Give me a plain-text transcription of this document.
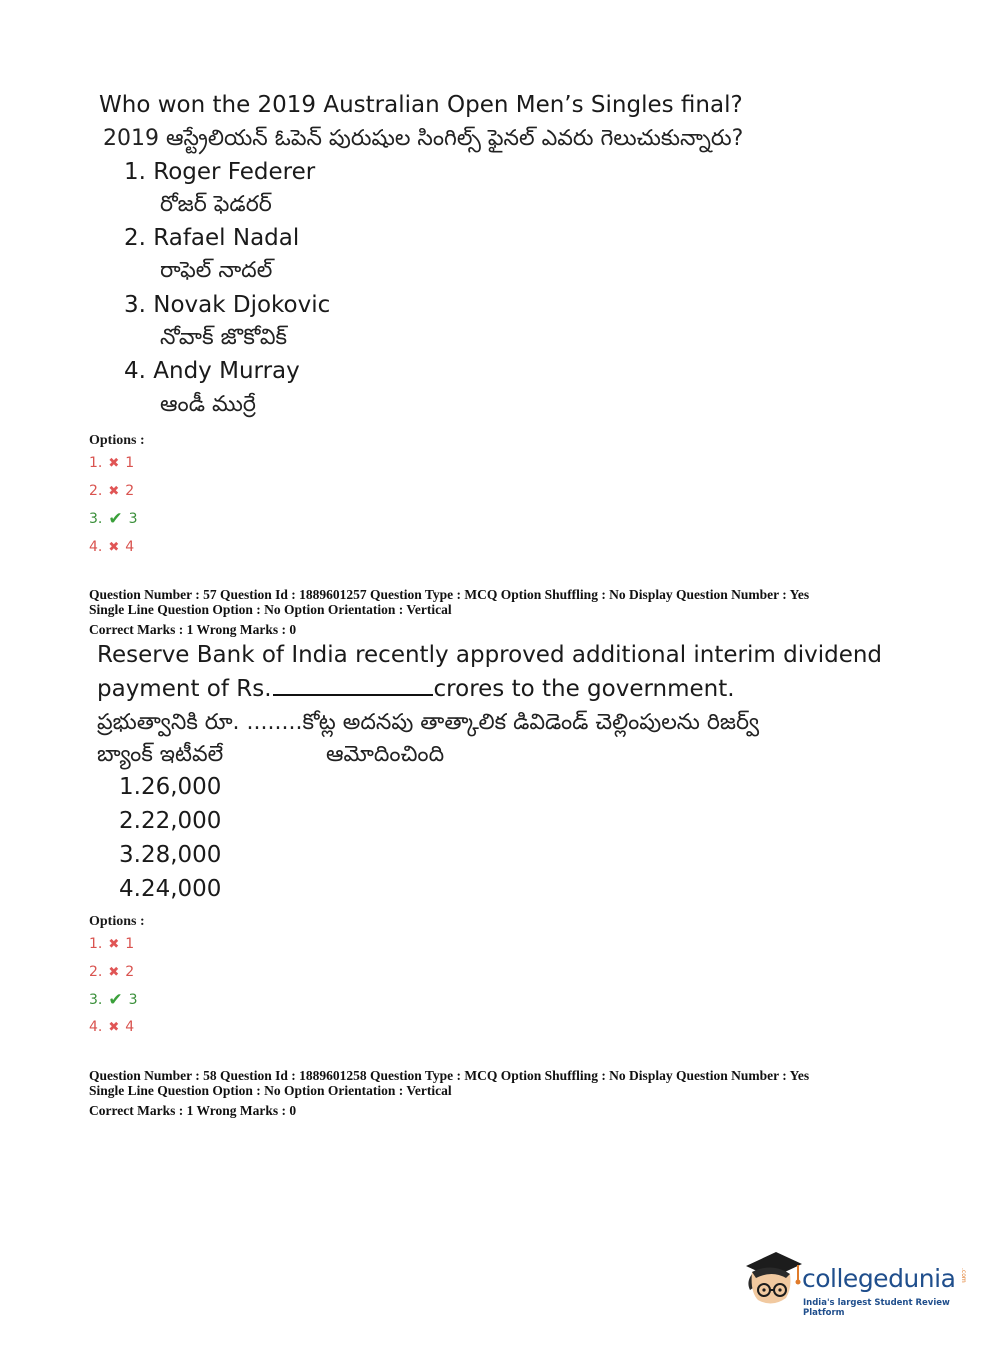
Who won the 2019 Australian Open Men’s Singles final?
2019 ఆస్ట్రేలియన్ ఓపెన్ పురుషుల సింగిల్స్ ఫైనల్ ఎవరు గెలుచుకున్నారు?
1. Roger Federer
రోజర్ ఫెడరర్
2. Rafael Nadal
రాఫెల్ నాదల్
3. Novak Djokovic
నోవాక్ జొకోవిక్
4. Andy Murray
ఆండీ ముర్రే
Options :
1. ✖ 1
2. ✖ 2
3. ✔ 3
4. ✖ 4
Question Number : 57 Question Id : 1889601257 Question Type : MCQ Option Shuffling : No Display Question Number : Yes
Single Line Question Option : No Option Orientation : Vertical
Correct Marks : 1 Wrong Marks : 0
Reserve Bank of India recently approved additional interim dividend
payment of Rs.	crores to the government.
ప్రభుత్వానికి రూ. ........కోట్ల అదనపు తాత్కాలిక డివిడెండ్ చెల్లింపులను రిజర్వ్
బ్యాంక్ ఇటీవలే	ఆమోదించింది
1.26,000
2.22,000
3.28,000
4.24,000
Options :
1. ✖ 1
2. ✖ 2
3. ✔ 3
4. ✖ 4
Question Number : 58 Question Id : 1889601258 Question Type : MCQ Option Shuffling : No Display Question Number : Yes
Single Line Question Option : No Option Orientation : Vertical
Correct Marks : 1 Wrong Marks : 0
collegedunia .com
India's largest Student Review Platform
